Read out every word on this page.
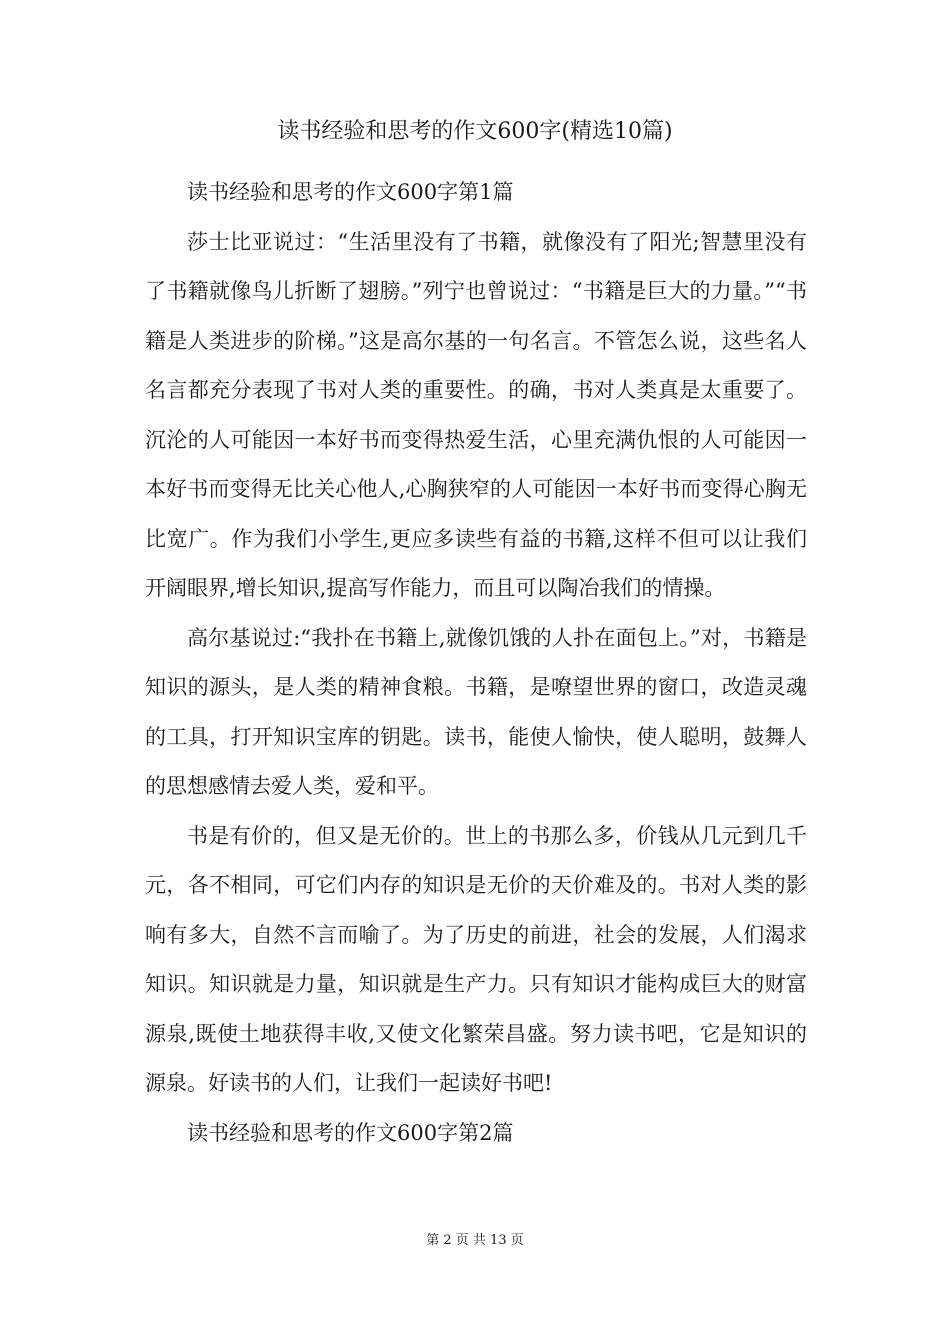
读书经验和思考的作文600字(精选10篇)

读书经验和思考的作文600字第1篇

莎士比亚说过：“生活里没有了书籍，就像没有了阳光;智慧里没有了书籍就像鸟儿折断了翅膀。”列宁也曾说过：“书籍是巨大的力量。”“书籍是人类进步的阶梯。”这是高尔基的一句名言。不管怎么说，这些名人名言都充分表现了书对人类的重要性。的确，书对人类真是太重要了。沉沦的人可能因一本好书而变得热爱生活，心里充满仇恨的人可能因一本好书而变得无比关心他人,心胸狭窄的人可能因一本好书而变得心胸无比宽广。作为我们小学生,更应多读些有益的书籍,这样不但可以让我们开阔眼界,增长知识,提高写作能力，而且可以陶冶我们的情操。

高尔基说过:“我扑在书籍上,就像饥饿的人扑在面包上。”对，书籍是知识的源头，是人类的精神食粮。书籍，是嘹望世界的窗口，改造灵魂的工具，打开知识宝库的钥匙。读书，能使人愉快，使人聪明，鼓舞人的思想感情去爱人类，爱和平。

书是有价的，但又是无价的。世上的书那么多，价钱从几元到几千元，各不相同，可它们内存的知识是无价的天价难及的。书对人类的影响有多大，自然不言而喻了。为了历史的前进，社会的发展，人们渴求知识。知识就是力量，知识就是生产力。只有知识才能构成巨大的财富源泉,既使土地获得丰收,又使文化繁荣昌盛。努力读书吧，它是知识的源泉。好读书的人们，让我们一起读好书吧!

读书经验和思考的作文600字第2篇

第 2 页 共 13 页
